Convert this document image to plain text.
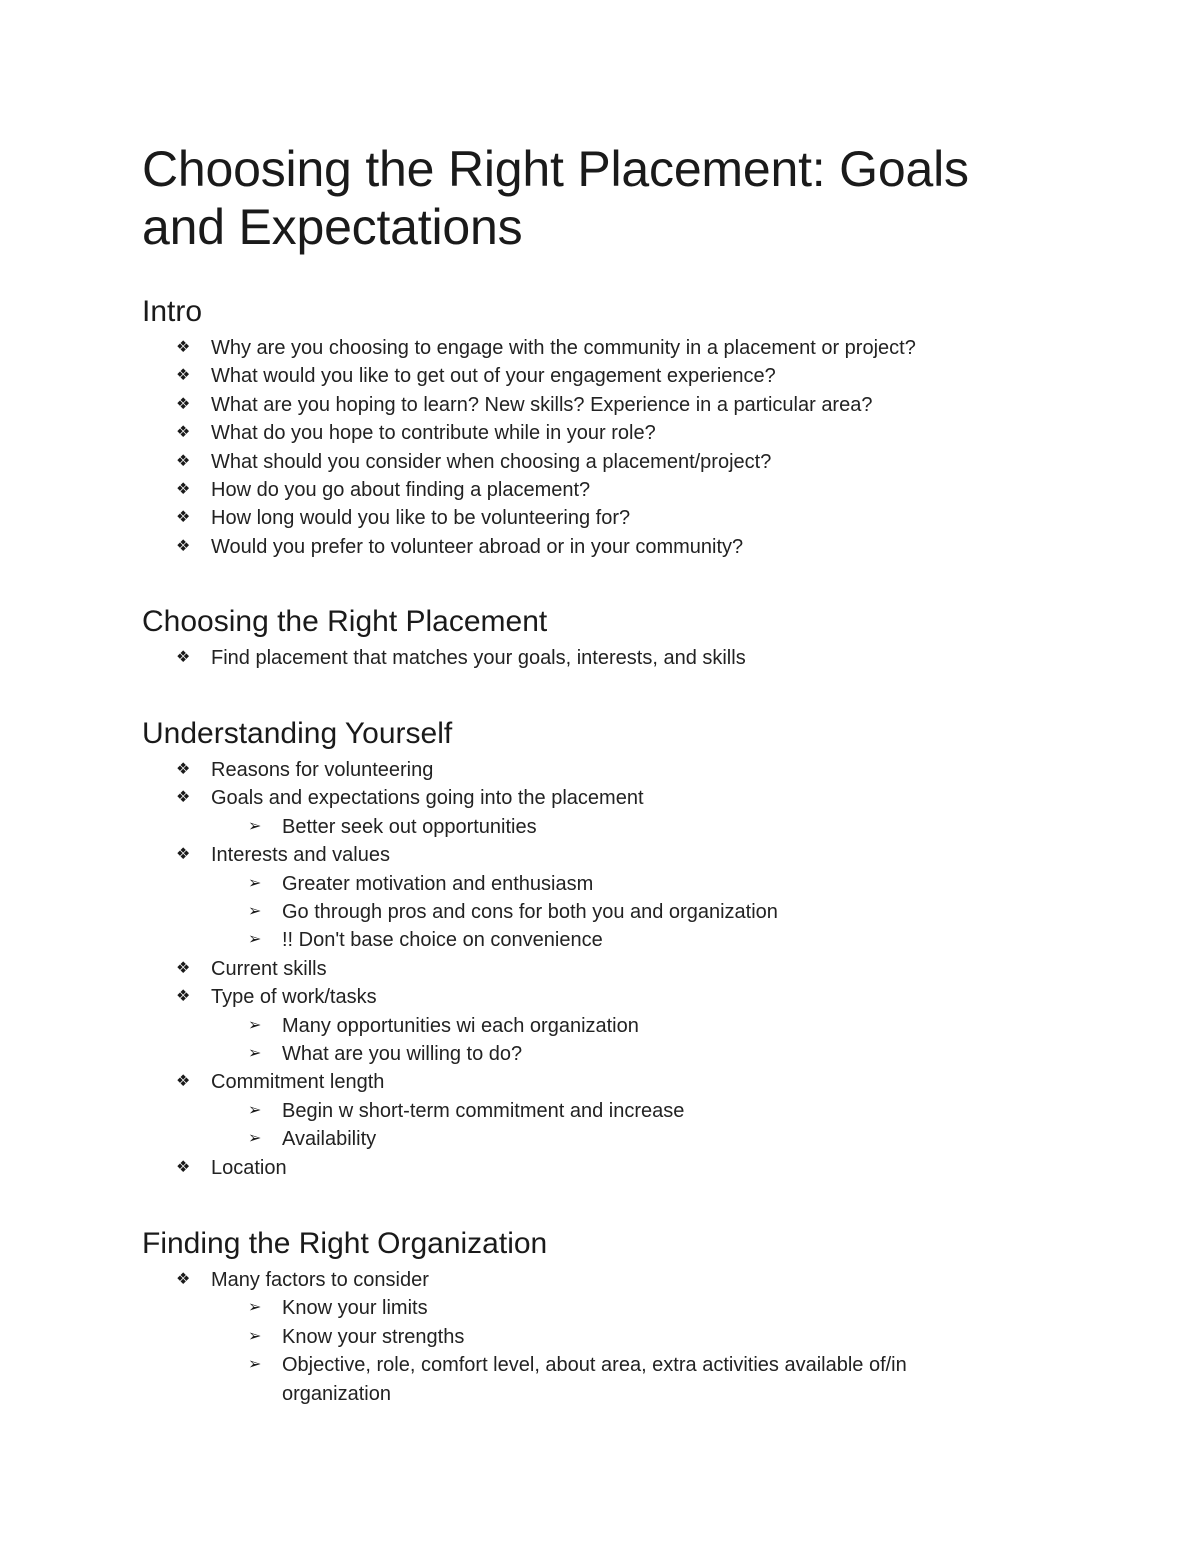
Choosing the Right Placement: Goals and Expectations
Intro
❖ Why are you choosing to engage with the community in a placement or project?
❖ What would you like to get out of your engagement experience?
❖ What are you hoping to learn? New skills? Experience in a particular area?
❖ What do you hope to contribute while in your role?
❖ What should you consider when choosing a placement/project?
❖ How do you go about finding a placement?
❖ How long would you like to be volunteering for?
❖ Would you prefer to volunteer abroad or in your community?
Choosing the Right Placement
❖ Find placement that matches your goals, interests, and skills
Understanding Yourself
❖ Reasons for volunteering
❖ Goals and expectations going into the placement
➢ Better seek out opportunities
❖ Interests and values
➢ Greater motivation and enthusiasm
➢ Go through pros and cons for both you and organization
➢ !! Don't base choice on convenience
❖ Current skills
❖ Type of work/tasks
➢ Many opportunities wi each organization
➢ What are you willing to do?
❖ Commitment length
➢ Begin w short-term commitment and increase
➢ Availability
❖ Location
Finding the Right Organization
❖ Many factors to consider
➢ Know your limits
➢ Know your strengths
➢ Objective, role, comfort level, about area, extra activities available of/in organization
